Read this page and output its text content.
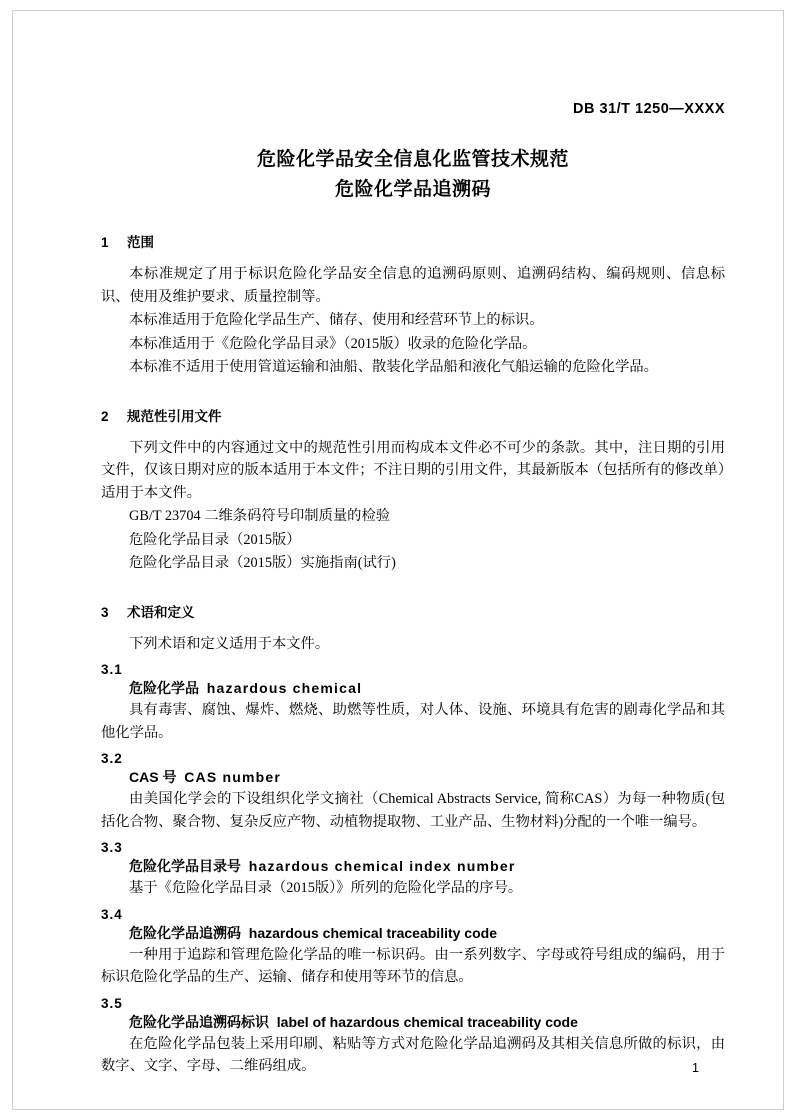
DB 31/T 1250—XXXX
危险化学品安全信息化监管技术规范
危险化学品追溯码
1 范围

本标准规定了用于标识危险化学品安全信息的追溯码原则、追溯码结构、编码规则、信息标识、使用及维护要求、质量控制等。

本标准适用于危险化学品生产、储存、使用和经营环节上的标识。

本标准适用于《危险化学品目录》（2015版）收录的危险化学品。

本标准不适用于使用管道运输和油船、散装化学品船和液化气船运输的危险化学品。

2 规范性引用文件

下列文件中的内容通过文中的规范性引用而构成本文件必不可少的条款。其中，注日期的引用文件，仅该日期对应的版本适用于本文件；不注日期的引用文件，其最新版本（包括所有的修改单）适用于本文件。

GB/T 23704 二维条码符号印制质量的检验

危险化学品目录（2015版）

危险化学品目录（2015版）实施指南(试行)

3 术语和定义

下列术语和定义适用于本文件。

3.1
危险化学品 hazardous chemical

具有毒害、腐蚀、爆炸、燃烧、助燃等性质，对人体、设施、环境具有危害的剧毒化学品和其他化学品。

3.2
CAS 号 CAS number

由美国化学会的下设组织化学文摘社（Chemical Abstracts Service, 简称CAS）为每一种物质(包括化合物、聚合物、复杂反应产物、动植物提取物、工业产品、生物材料)分配的一个唯一编号。

3.3
危险化学品目录号 hazardous chemical index number

基于《危险化学品目录（2015版）》所列的危险化学品的序号。

3.4
危险化学品追溯码 hazardous chemical traceability code

一种用于追踪和管理危险化学品的唯一标识码。由一系列数字、字母或符号组成的编码，用于标识危险化学品的生产、运输、储存和使用等环节的信息。

3.5
危险化学品追溯码标识 label of hazardous chemical traceability code

在危险化学品包装上采用印刷、粘贴等方式对危险化学品追溯码及其相关信息所做的标识，由数字、文字、字母、二维码组成。	1
